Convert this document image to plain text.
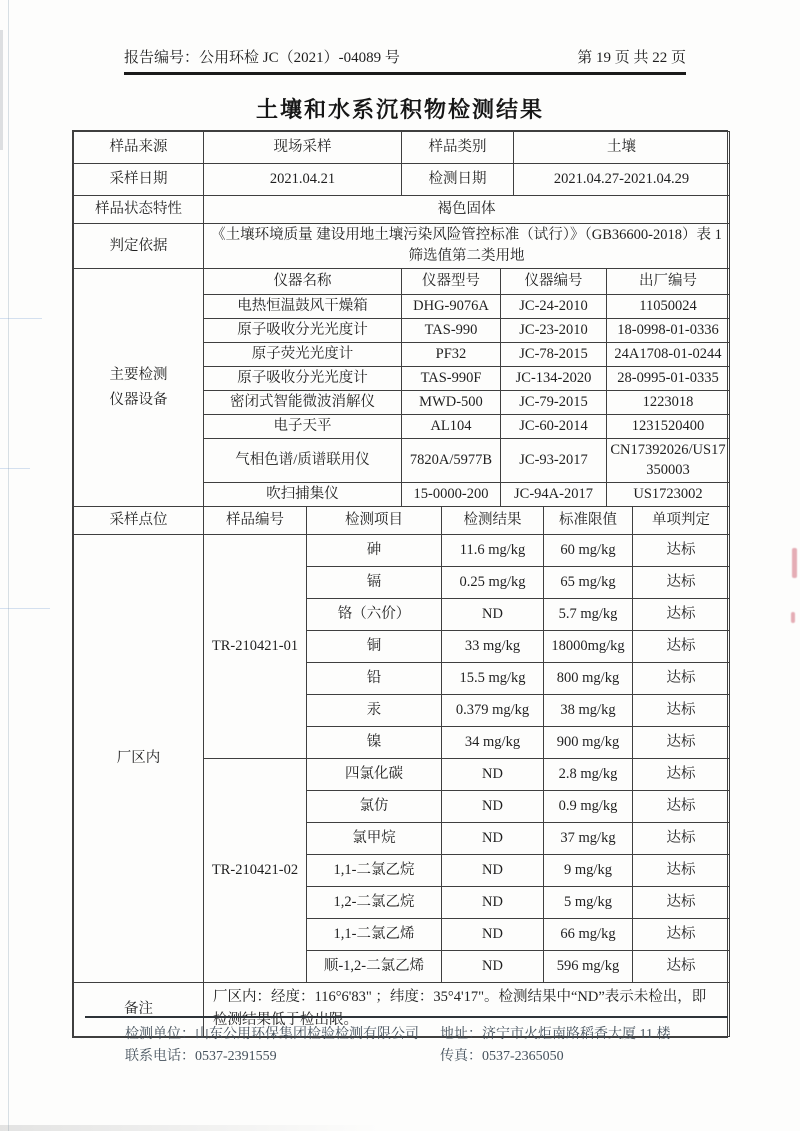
报告编号：公用环检 JC（2021）-04089 号	第 19 页 共 22 页
土壤和水系沉积物检测结果
样品来源	现场采样	样品类别	土壤
采样日期	2021.04.21	检测日期	2021.04.27-2021.04.29
样品状态特性	褐色固体		
判定依据	《土壤环境质量 建设用地土壤污染风险管控标准（试行）》（GB36600-2018）表 1筛选值第二类用地		
主要检测
仪器设备	仪器名称	仪器型号	仪器编号	出厂编号
	电热恒温鼓风干燥箱	DHG-9076A	JC-24-2010	11050024
	原子吸收分光光度计	TAS-990	JC-23-2010	18-0998-01-0336
	原子荧光光度计	PF32	JC-78-2015	24A1708-01-0244
	原子吸收分光光度计	TAS-990F	JC-134-2020	28-0995-01-0335
	密闭式智能微波消解仪	MWD-500	JC-79-2015	1223018
	电子天平	AL104	JC-60-2014	1231520400
	气相色谱/质谱联用仪	7820A/5977B	JC-93-2017	CN17392026/US17350003
	吹扫捕集仪	15-0000-200	JC-94A-2017	US1723002
采样点位	样品编号	检测项目	检测结果	标准限值	单项判定
厂区内	TR-210421-01	砷	11.6 mg/kg	60 mg/kg	达标
		镉	0.25 mg/kg	65 mg/kg	达标
		铬（六价）	ND	5.7 mg/kg	达标
		铜	33 mg/kg	18000mg/kg	达标
		铅	15.5 mg/kg	800 mg/kg	达标
		汞	0.379 mg/kg	38 mg/kg	达标
		镍	34 mg/kg	900 mg/kg	达标
	TR-210421-02	四氯化碳	ND	2.8 mg/kg	达标
		氯仿	ND	0.9 mg/kg	达标
		氯甲烷	ND	37 mg/kg	达标
		1,1-二氯乙烷	ND	9 mg/kg	达标
		1,2-二氯乙烷	ND	5 mg/kg	达标
		1,1-二氯乙烯	ND	66 mg/kg	达标
		顺-1,2-二氯乙烯	ND	596 mg/kg	达标
备注	厂区内：经度：116°6'83" ；纬度：35°4'17"。检测结果中“ND”表示未检出，即检测结果低于检出限。
检测单位：山东公用环保集团检验检测有限公司	地址：济宁市火炬南路稻香大厦 11 楼
联系电话：0537-2391559	传真：0537-2365050
